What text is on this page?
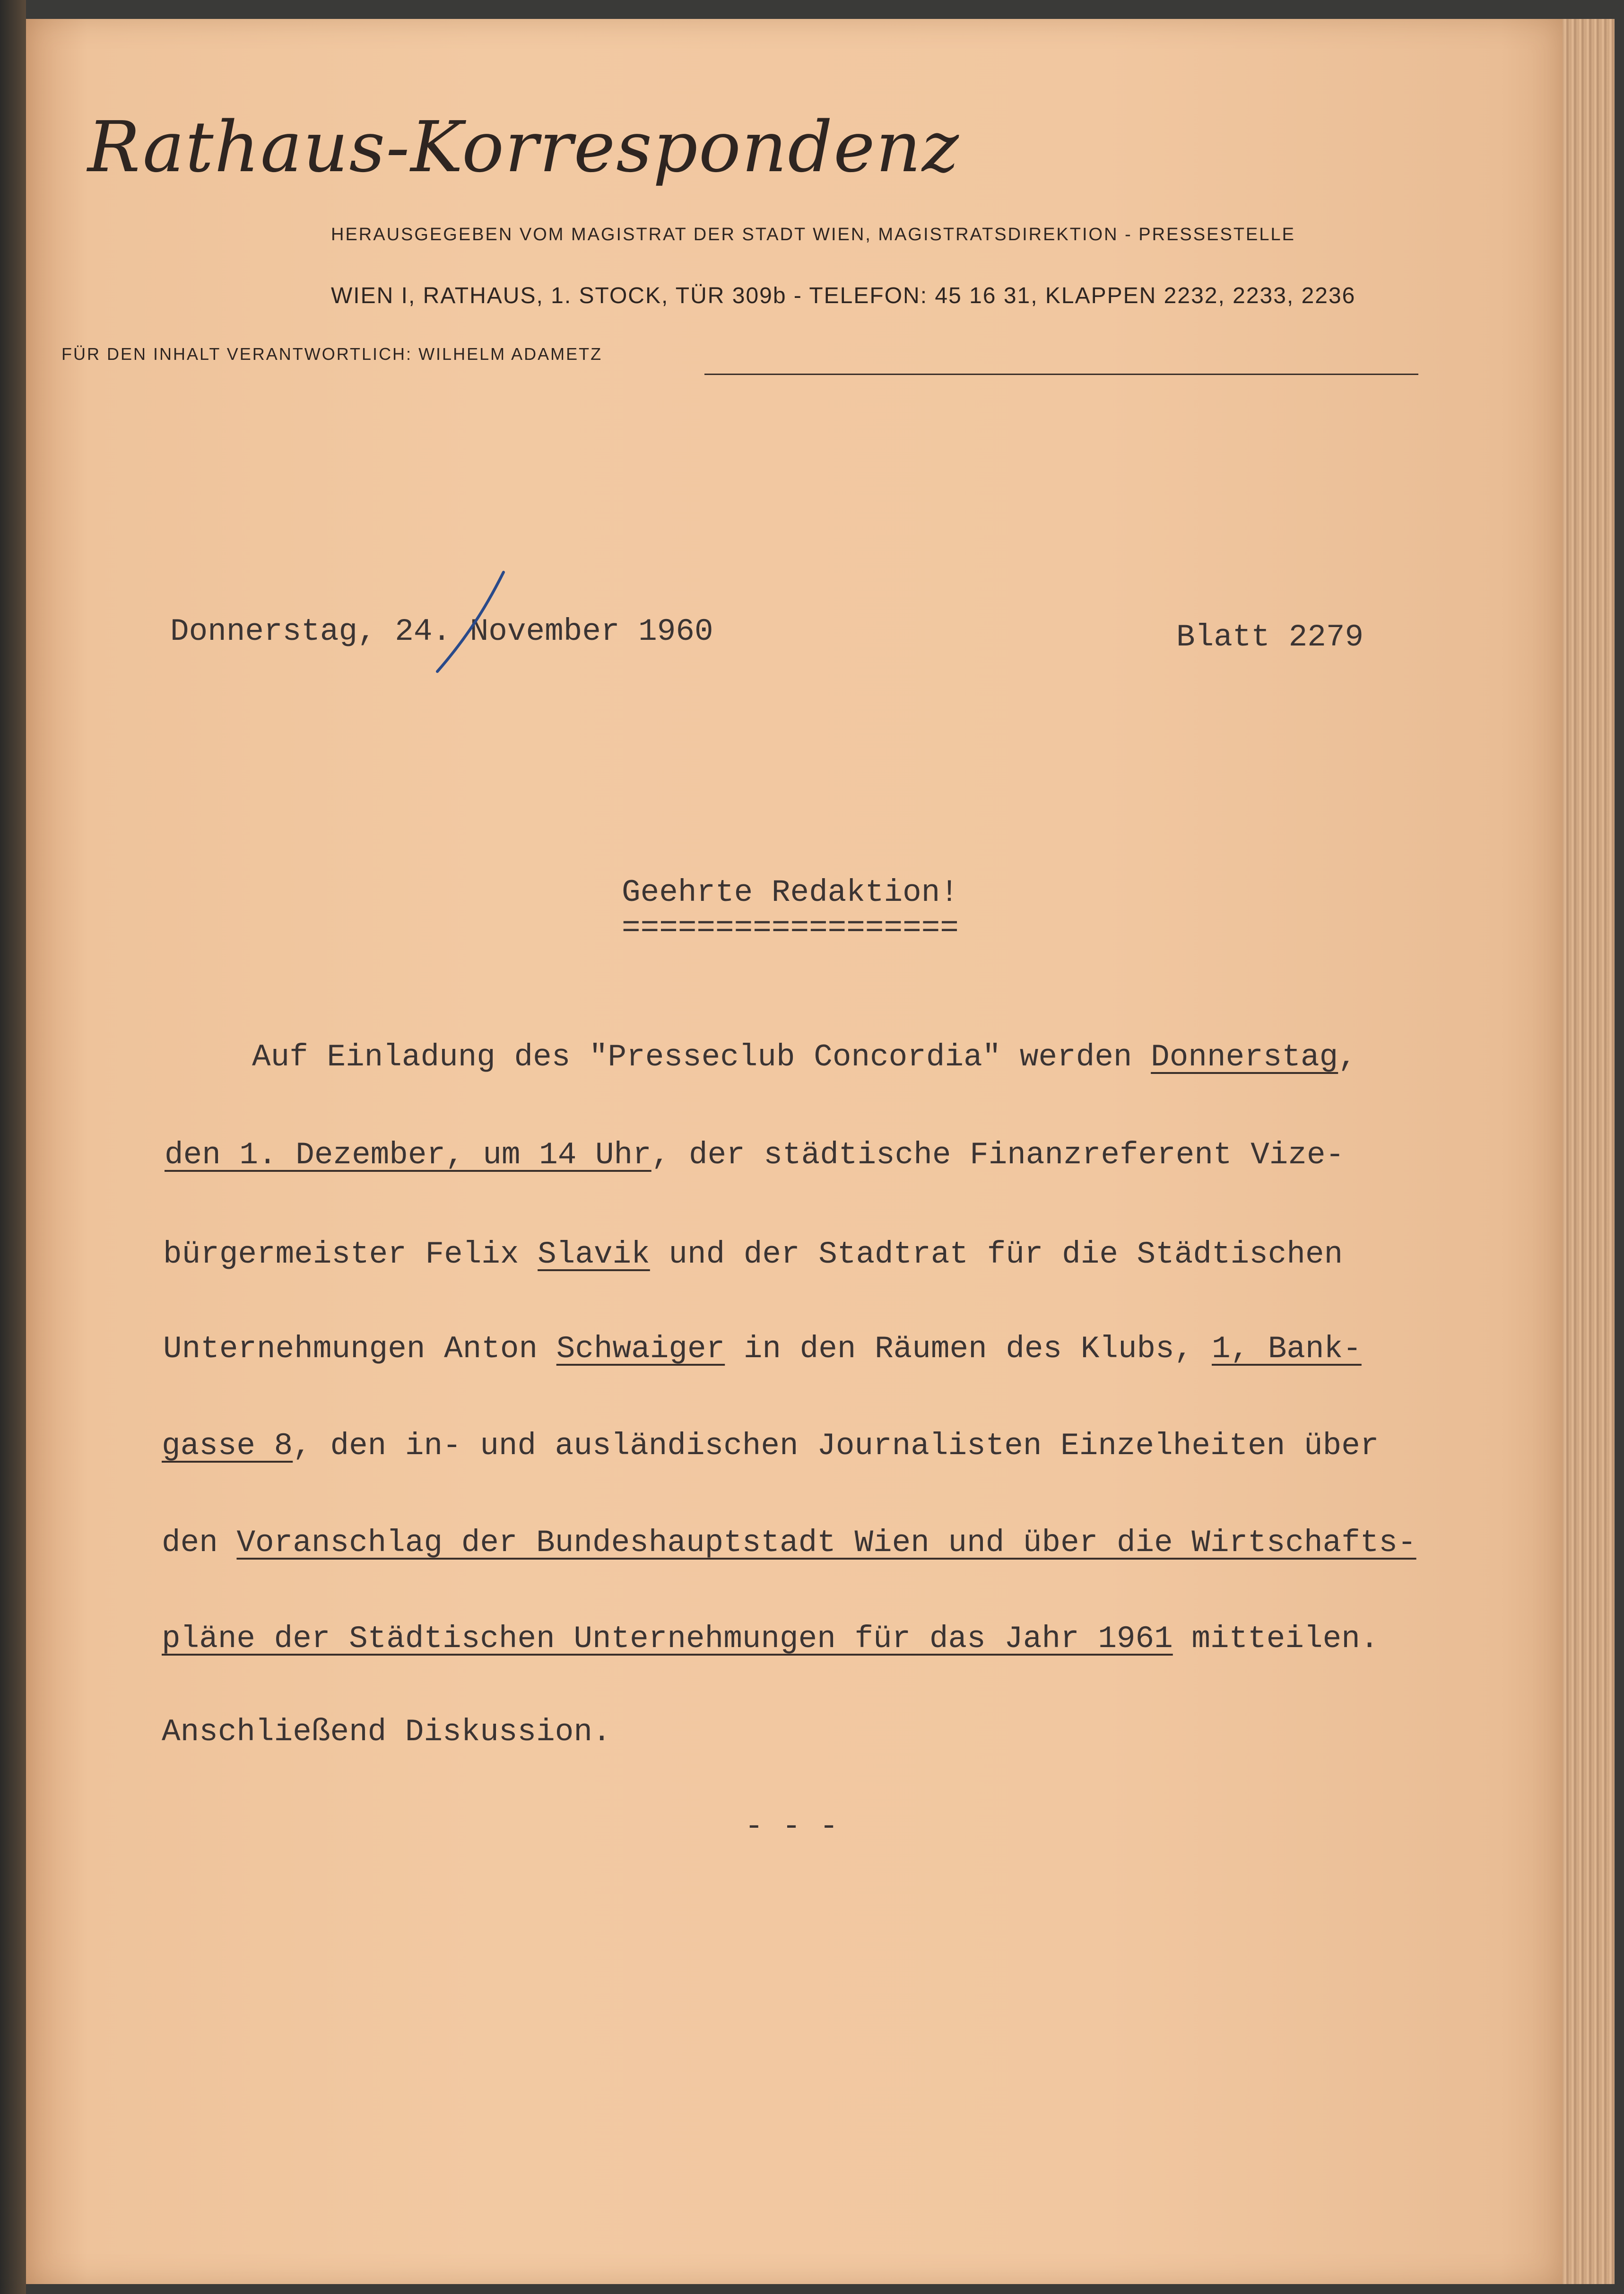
Rathaus-Korrespondenz
HERAUSGEGEBEN VOM MAGISTRAT DER STADT WIEN, MAGISTRATSDIREKTION - PRESSESTELLE
WIEN I, RATHAUS, 1. STOCK, TÜR 309b - TELEFON: 45 16 31, KLAPPEN 2232, 2233, 2236
FÜR DEN INHALT VERANTWORTLICH: WILHELM ADAMETZ
Donnerstag, 24. November 1960	Blatt 2279
Geehrte Redaktion!
==================
Auf Einladung des "Presseclub Concordia" werden Donnerstag,
den 1. Dezember, um 14 Uhr, der städtische Finanzreferent Vize-
bürgermeister Felix Slavik und der Stadtrat für die Städtischen
Unternehmungen Anton Schwaiger in den Räumen des Klubs, 1, Bank-
gasse 8, den in- und ausländischen Journalisten Einzelheiten über
den Voranschlag der Bundeshauptstadt Wien und über die Wirtschafts-
pläne der Städtischen Unternehmungen für das Jahr 1961 mitteilen.
Anschließend Diskussion.
- - -
